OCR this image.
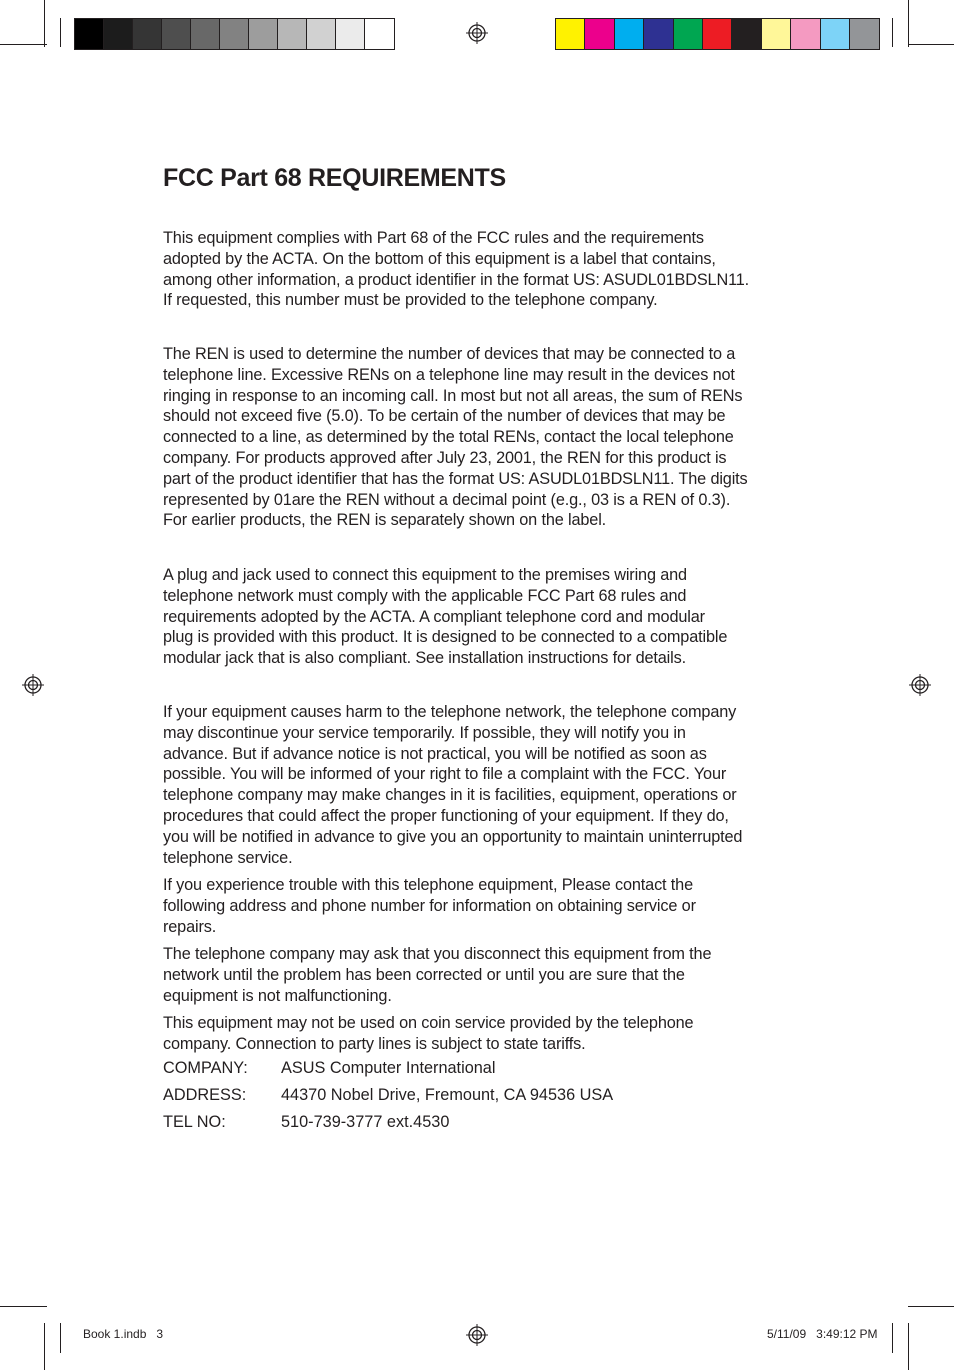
FCC Part 68 REQUIREMENTS

This equipment complies with Part 68 of the FCC rules and the requirements
adopted by the ACTA. On the bottom of this equipment is a label that contains,
among other information, a product identifier in the format US: ASUDL01BDSLN11.
If requested, this number must be provided to the telephone company.

The REN is used to determine the number of devices that may be connected to a
telephone line. Excessive RENs on a telephone line may result in the devices not
ringing in response to an incoming call. In most but not all areas, the sum of RENs
should not exceed five (5.0). To be certain of the number of devices that may be
connected to a line, as determined by the total RENs, contact the local telephone
company. For products approved after July 23, 2001, the REN for this product is
part of the product identifier that has the format US: ASUDL01BDSLN11. The digits
represented by 01are the REN without a decimal point (e.g., 03 is a REN of 0.3).
For earlier products, the REN is separately shown on the label.

A plug and jack used to connect this equipment to the premises wiring and
telephone network must comply with the applicable FCC Part 68 rules and
requirements adopted by the ACTA. A compliant telephone cord and modular
plug is provided with this product. It is designed to be connected to a compatible
modular jack that is also compliant. See installation instructions for details.

If your equipment causes harm to the telephone network, the telephone company
may discontinue your service temporarily. If possible, they will notify you in
advance. But if advance notice is not practical, you will be notified as soon as
possible. You will be informed of your right to file a complaint with the FCC. Your
telephone company may make changes in it is facilities, equipment, operations or
procedures that could affect the proper functioning of your equipment. If they do,
you will be notified in advance to give you an opportunity to maintain uninterrupted
telephone service.

If you experience trouble with this telephone equipment, Please contact the
following address and phone number for information on obtaining service or
repairs.

The telephone company may ask that you disconnect this equipment from the
network until the problem has been corrected or until you are sure that the
equipment is not malfunctioning.

This equipment may not be used on coin service provided by the telephone
company. Connection to party lines is subject to state tariffs.

COMPANY: ASUS Computer International
ADDRESS: 44370 Nobel Drive, Fremount, CA 94536 USA
TEL NO:	510-739-3777 ext.4530
Book 1.indb   3	5/11/09   3:49:12 PM
